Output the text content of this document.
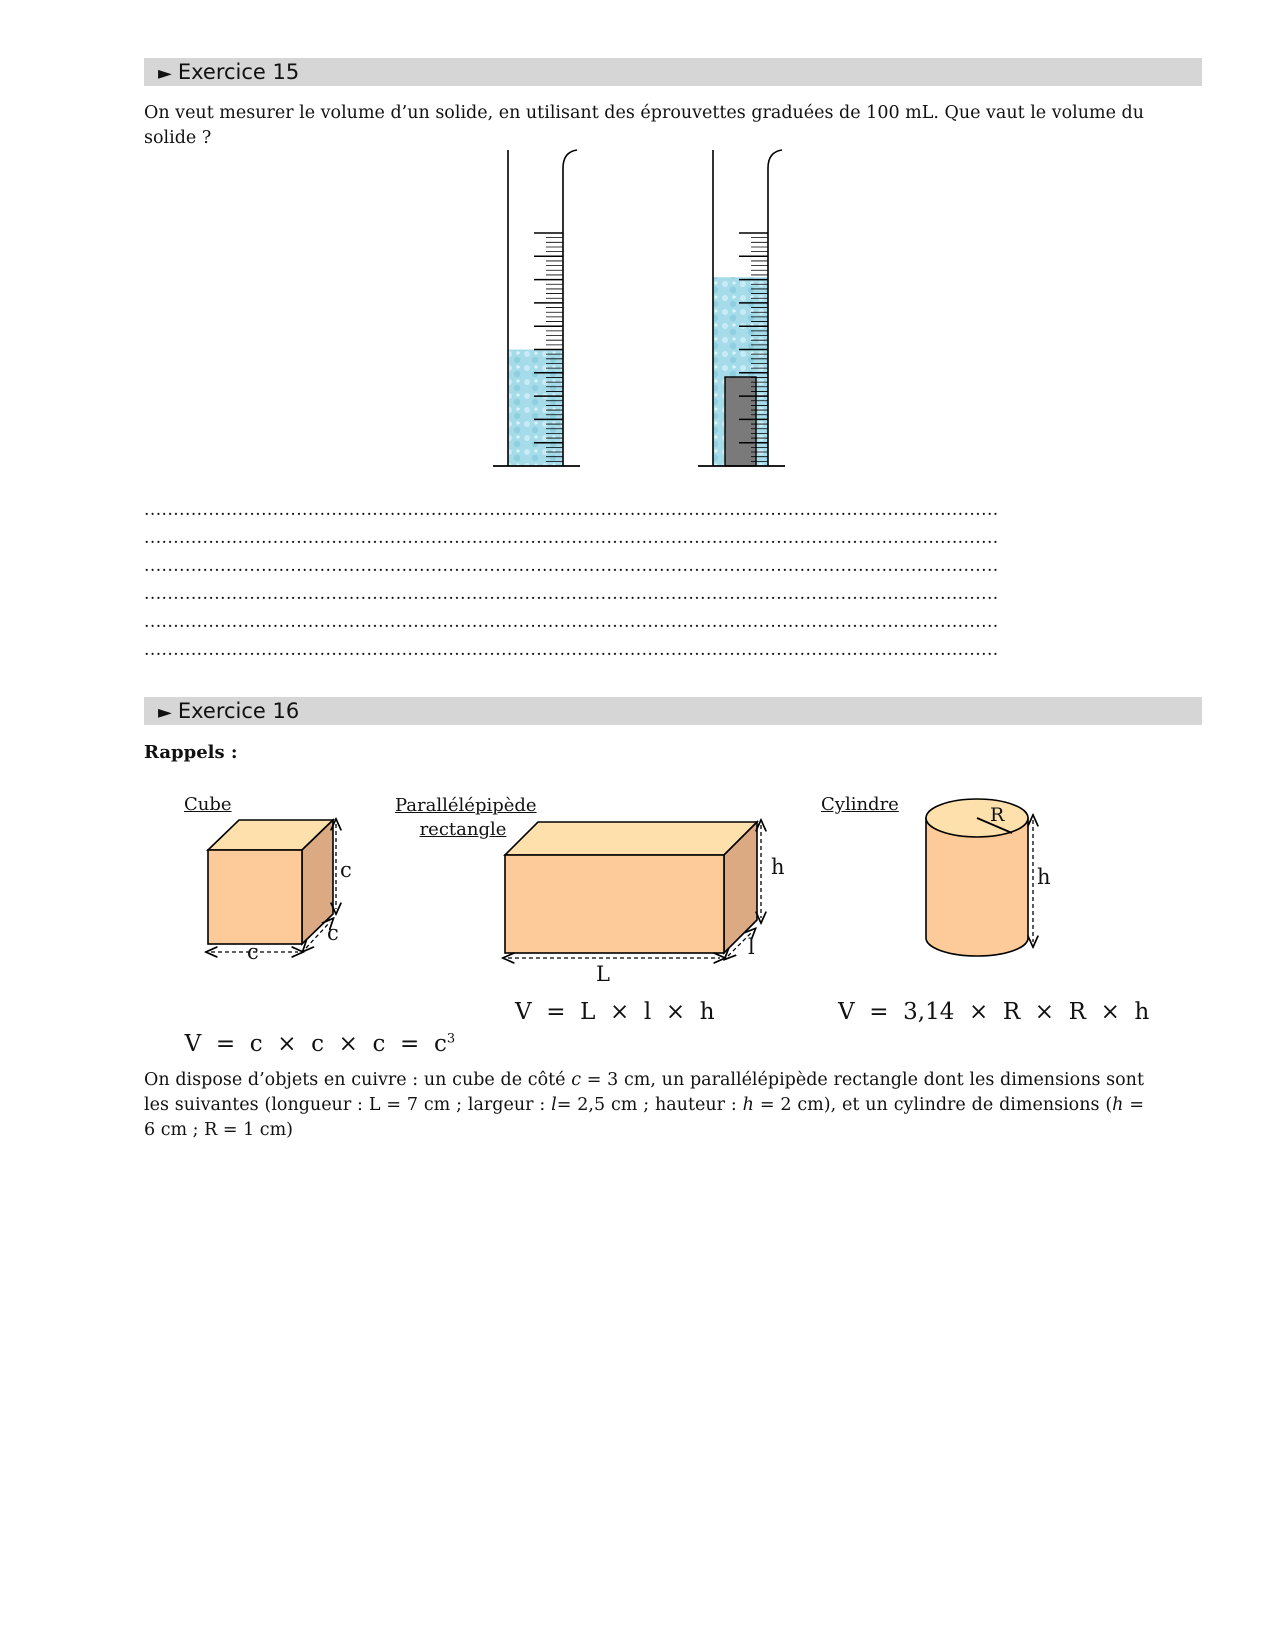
► Exercice 15

On veut mesurer le volume d’un solide, en utilisant des éprouvettes graduées de 100 mL. Que vaut le volume du solide ?

..................................................................................................................................................
..................................................................................................................................................
..................................................................................................................................................
..................................................................................................................................................
..................................................................................................................................................
..................................................................................................................................................
► Exercice 16
Rappels :
Cube	Parallélépipède
rectangle
Cylindre
c
c
c
h
l
L
R
h

$V = c \times c \times c = c^3$

V  =  L  ×  l  ×  h	V  =  3,14  ×  R  ×  R  ×  h

On dispose d’objets en cuivre : un cube de côté c = 3 cm, un parallélépipède rectangle dont les dimensions sont les suivantes (longueur : L = 7 cm ; largeur : l= 2,5 cm ; hauteur : h = 2 cm), et un cylindre de dimensions (h = 6 cm ; R = 1 cm)
